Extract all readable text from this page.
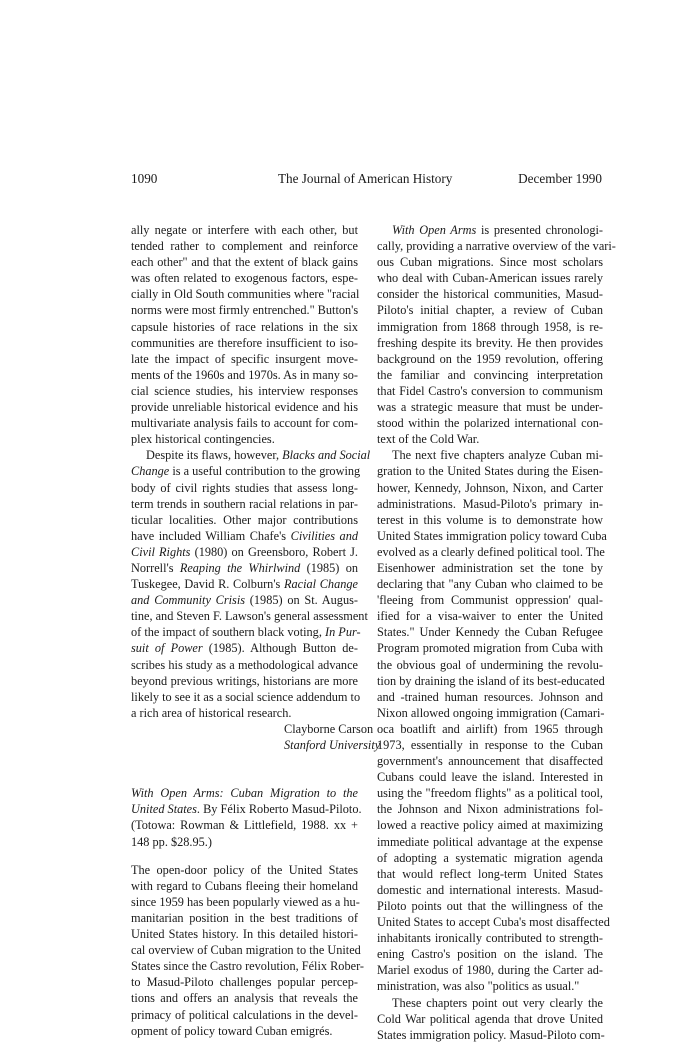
1090	The Journal of American History	December 1990
ally negate or interfere with each other, but
tended rather to complement and reinforce
each other" and that the extent of black gains
was often related to exogenous factors, espe-
cially in Old South communities where "racial
norms were most firmly entrenched." Button's
capsule histories of race relations in the six
communities are therefore insufficient to iso-
late the impact of specific insurgent move-
ments of the 1960s and 1970s. As in many so-
cial science studies, his interview responses
provide unreliable historical evidence and his
multivariate analysis fails to account for com-
plex historical contingencies.
Despite its flaws, however, Blacks and Social
Change is a useful contribution to the growing
body of civil rights studies that assess long-
term trends in southern racial relations in par-
ticular localities. Other major contributions
have included William Chafe's Civilities and
Civil Rights (1980) on Greensboro, Robert J.
Norrell's Reaping the Whirlwind (1985) on
Tuskegee, David R. Colburn's Racial Change
and Community Crisis (1985) on St. Augus-
tine, and Steven F. Lawson's general assessment
of the impact of southern black voting, In Pur-
suit of Power (1985). Although Button de-
scribes his study as a methodological advance
beyond previous writings, historians are more
likely to see it as a social science addendum to
a rich area of historical research.
Clayborne Carson
Stanford University
With Open Arms: Cuban Migration to the
United States. By Félix Roberto Masud-Piloto.
(Totowa: Rowman & Littlefield, 1988. xx +
148 pp. $28.95.)
The open-door policy of the United States
with regard to Cubans fleeing their homeland
since 1959 has been popularly viewed as a hu-
manitarian position in the best traditions of
United States history. In this detailed histori-
cal overview of Cuban migration to the United
States since the Castro revolution, Félix Rober-
to Masud-Piloto challenges popular percep-
tions and offers an analysis that reveals the
primacy of political calculations in the devel-
opment of policy toward Cuban emigrés.
With Open Arms is presented chronologi-
cally, providing a narrative overview of the vari-
ous Cuban migrations. Since most scholars
who deal with Cuban-American issues rarely
consider the historical communities, Masud-
Piloto's initial chapter, a review of Cuban
immigration from 1868 through 1958, is re-
freshing despite its brevity. He then provides
background on the 1959 revolution, offering
the familiar and convincing interpretation
that Fidel Castro's conversion to communism
was a strategic measure that must be under-
stood within the polarized international con-
text of the Cold War.
The next five chapters analyze Cuban mi-
gration to the United States during the Eisen-
hower, Kennedy, Johnson, Nixon, and Carter
administrations. Masud-Piloto's primary in-
terest in this volume is to demonstrate how
United States immigration policy toward Cuba
evolved as a clearly defined political tool. The
Eisenhower administration set the tone by
declaring that "any Cuban who claimed to be
'fleeing from Communist oppression' qual-
ified for a visa-waiver to enter the United
States." Under Kennedy the Cuban Refugee
Program promoted migration from Cuba with
the obvious goal of undermining the revolu-
tion by draining the island of its best-educated
and -trained human resources. Johnson and
Nixon allowed ongoing immigration (Camari-
oca boatlift and airlift) from 1965 through
1973, essentially in response to the Cuban
government's announcement that disaffected
Cubans could leave the island. Interested in
using the "freedom flights" as a political tool,
the Johnson and Nixon administrations fol-
lowed a reactive policy aimed at maximizing
immediate political advantage at the expense
of adopting a systematic migration agenda
that would reflect long-term United States
domestic and international interests. Masud-
Piloto points out that the willingness of the
United States to accept Cuba's most disaffected
inhabitants ironically contributed to strength-
ening Castro's position on the island. The
Mariel exodus of 1980, during the Carter ad-
ministration, was also "politics as usual."
These chapters point out very clearly the
Cold War political agenda that drove United
States immigration policy. Masud-Piloto com-
